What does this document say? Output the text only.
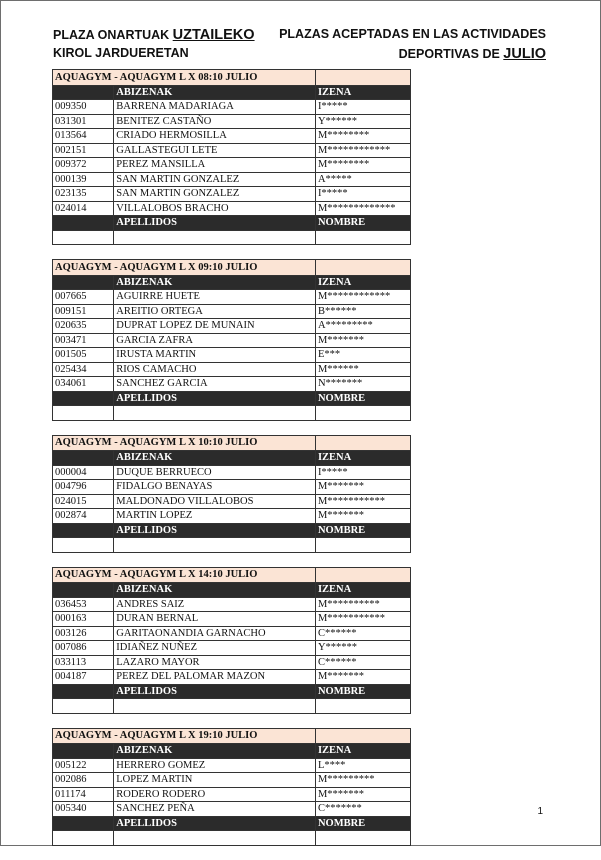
PLAZA ONARTUAK UZTAILEKO
KIROL JARDUERETAN
PLAZAS ACEPTADAS EN LAS ACTIVIDADES
DEPORTIVAS DE JULIO
AQUAGYM - AQUAGYM L X 08:10 JULIO		
	ABIZENAK	IZENA
009350	BARRENA MADARIAGA	I*****
031301	BENITEZ CASTAÑO	Y******
013564	CRIADO HERMOSILLA	M********
002151	GALLASTEGUI LETE	M************
009372	PEREZ MANSILLA	M********
000139	SAN MARTIN GONZALEZ	A*****
023135	SAN MARTIN GONZALEZ	I*****
024014	VILLALOBOS BRACHO	M*************
	APELLIDOS	NOMBRE

AQUAGYM - AQUAGYM L X 09:10 JULIO		
	ABIZENAK	IZENA
007665	AGUIRRE HUETE	M************
009151	AREITIO ORTEGA	B******
020635	DUPRAT LOPEZ DE MUNAIN	A*********
003471	GARCIA ZAFRA	M*******
001505	IRUSTA MARTIN	E***
025434	RIOS CAMACHO	M******
034061	SANCHEZ GARCIA	N*******
	APELLIDOS	NOMBRE

AQUAGYM - AQUAGYM L X 10:10 JULIO		
	ABIZENAK	IZENA
000004	DUQUE BERRUECO	I*****
004796	FIDALGO BENAYAS	M*******
024015	MALDONADO VILLALOBOS	M***********
002874	MARTIN LOPEZ	M*******
	APELLIDOS	NOMBRE

AQUAGYM - AQUAGYM L X 14:10 JULIO		
	ABIZENAK	IZENA
036453	ANDRES SAIZ	M**********
000163	DURAN BERNAL	M***********
003126	GARITAONANDIA GARNACHO	C******
007086	IDIAÑEZ NUÑEZ	Y******
033113	LAZARO MAYOR	C******
004187	PEREZ DEL PALOMAR MAZON	M*******
	APELLIDOS	NOMBRE

AQUAGYM - AQUAGYM L X 19:10 JULIO		
	ABIZENAK	IZENA
005122	HERRERO GOMEZ	L****
002086	LOPEZ MARTIN	M*********
011174	RODERO RODERO	M*******
005340	SANCHEZ PEÑA	C*******
	APELLIDOS	NOMBRE

1
